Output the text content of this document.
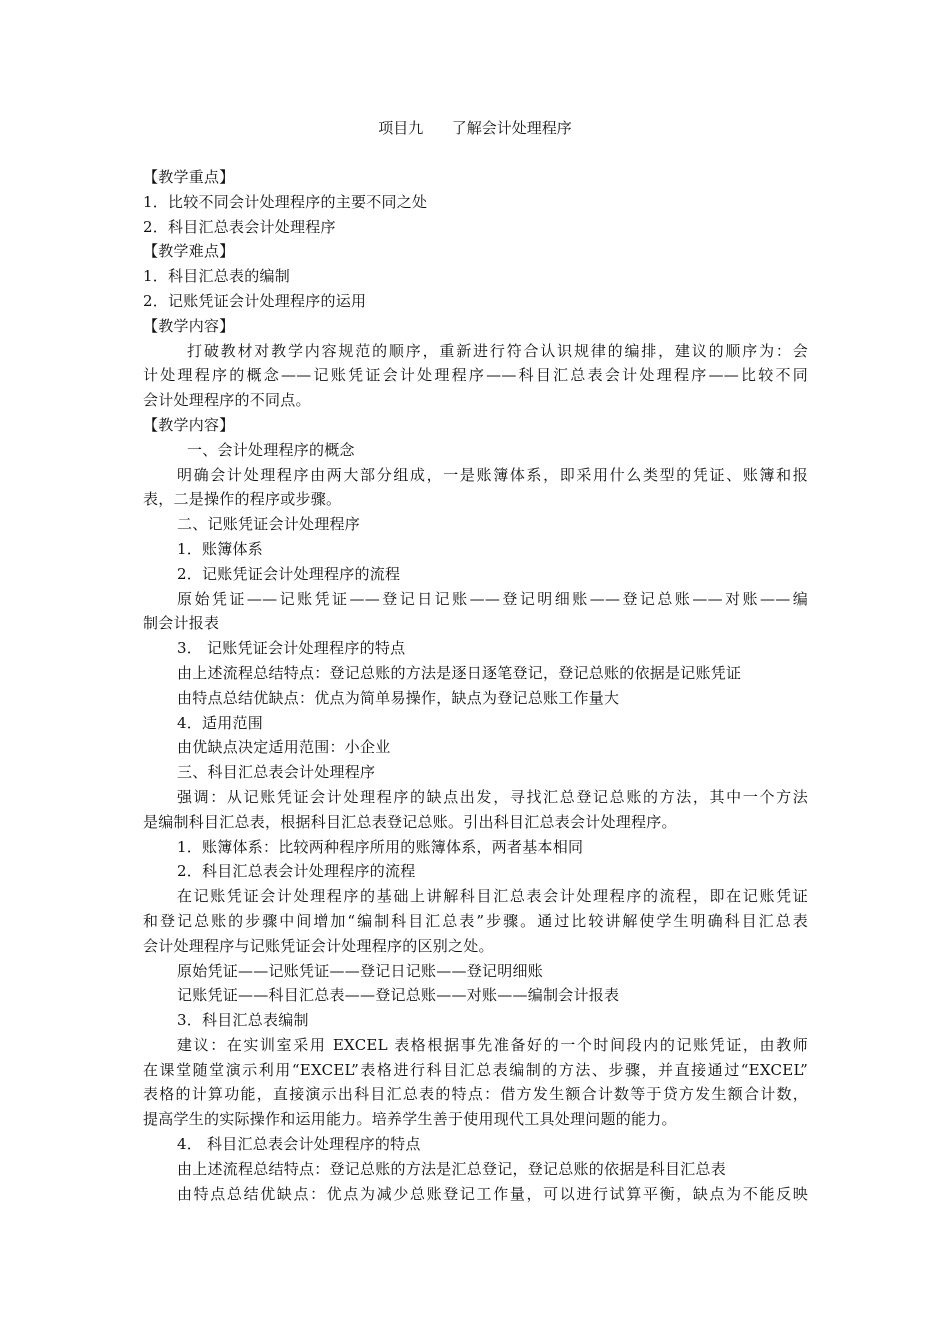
项目九      了解会计处理程序
【教学重点】
1．比较不同会计处理程序的主要不同之处
2．科目汇总表会计处理程序
【教学难点】
1．科目汇总表的编制
2．记账凭证会计处理程序的运用
【教学内容】
打破教材对教学内容规范的顺序，重新进行符合认识规律的编排，建议的顺序为：会
计处理程序的概念——记账凭证会计处理程序——科目汇总表会计处理程序——比较不同
会计处理程序的不同点。
【教学内容】
一、会计处理程序的概念
明确会计处理程序由两大部分组成，一是账簿体系，即采用什么类型的凭证、账簿和报
表，二是操作的程序或步骤。
二、记账凭证会计处理程序
1．账簿体系
2．记账凭证会计处理程序的流程
原始凭证——记账凭证——登记日记账——登记明细账——登记总账——对账——编
制会计报表
3． 记账凭证会计处理程序的特点
由上述流程总结特点：登记总账的方法是逐日逐笔登记，登记总账的依据是记账凭证
由特点总结优缺点：优点为简单易操作，缺点为登记总账工作量大
4．适用范围
由优缺点决定适用范围：小企业
三、科目汇总表会计处理程序
强调：从记账凭证会计处理程序的缺点出发，寻找汇总登记总账的方法，其中一个方法
是编制科目汇总表，根据科目汇总表登记总账。引出科目汇总表会计处理程序。
1．账簿体系：比较两种程序所用的账簿体系，两者基本相同
2．科目汇总表会计处理程序的流程
在记账凭证会计处理程序的基础上讲解科目汇总表会计处理程序的流程，即在记账凭证
和登记总账的步骤中间增加“编制科目汇总表”步骤。通过比较讲解使学生明确科目汇总表
会计处理程序与记账凭证会计处理程序的区别之处。
原始凭证——记账凭证——登记日记账——登记明细账
记账凭证——科目汇总表——登记总账——对账——编制会计报表
3．科目汇总表编制
建议：在实训室采用 EXCEL 表格根据事先准备好的一个时间段内的记账凭证，由教师
在课堂随堂演示利用“EXCEL”表格进行科目汇总表编制的方法、步骤，并直接通过“EXCEL”
表格的计算功能，直接演示出科目汇总表的特点：借方发生额合计数等于贷方发生额合计数，
提高学生的实际操作和运用能力。培养学生善于使用现代工具处理问题的能力。
4． 科目汇总表会计处理程序的特点
由上述流程总结特点：登记总账的方法是汇总登记，登记总账的依据是科目汇总表
由特点总结优缺点：优点为减少总账登记工作量，可以进行试算平衡，缺点为不能反映
